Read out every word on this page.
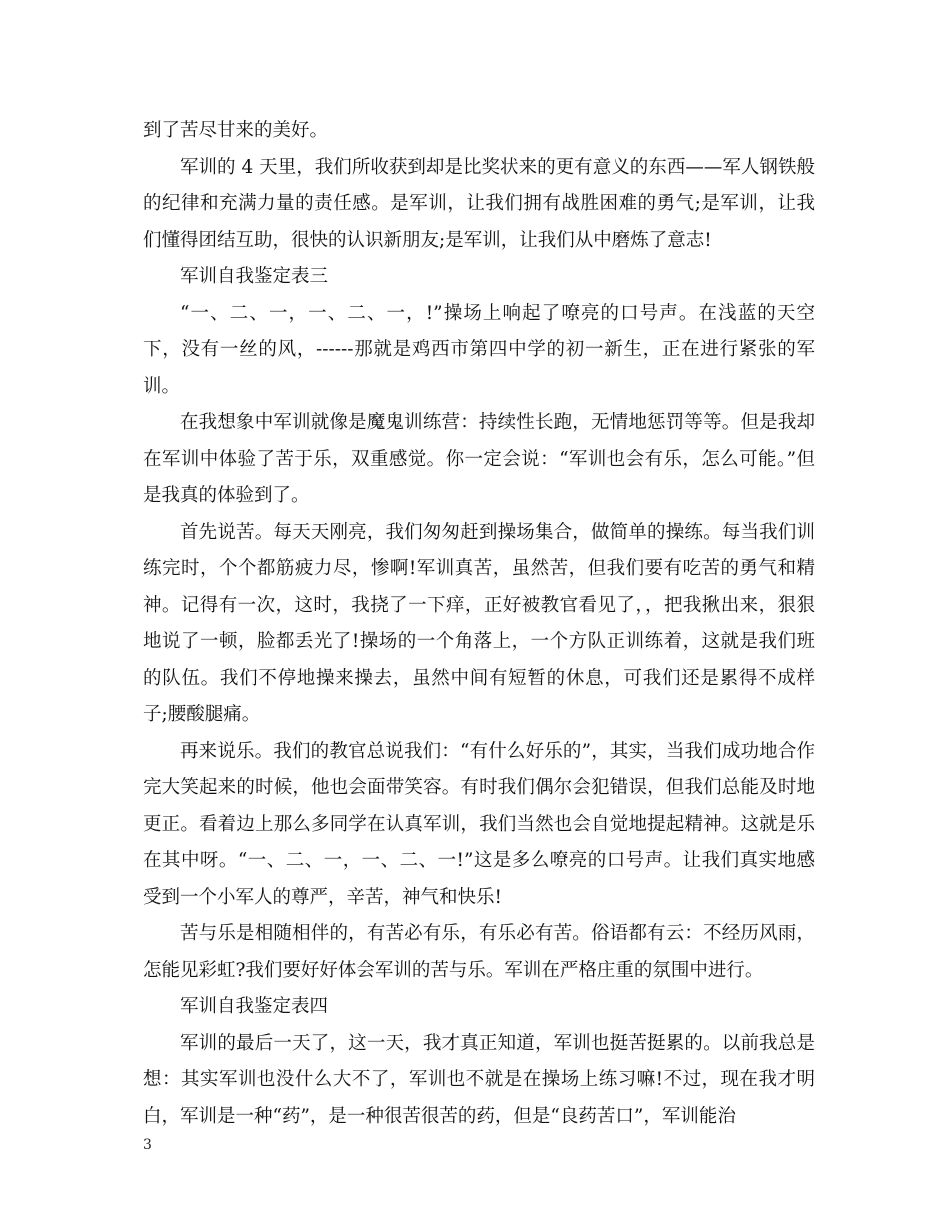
到了苦尽甘来的美好。

军训的 4 天里，我们所收获到却是比奖状来的更有意义的东西——军人钢铁般的纪律和充满力量的责任感。是军训，让我们拥有战胜困难的勇气;是军训，让我们懂得团结互助，很快的认识新朋友;是军训，让我们从中磨炼了意志!

军训自我鉴定表三

“一、二、一，一、二、一，!”操场上响起了嘹亮的口号声。在浅蓝的天空下，没有一丝的风，------那就是鸡西市第四中学的初一新生，正在进行紧张的军训。

在我想象中军训就像是魔鬼训练营：持续性长跑，无情地惩罚等等。但是我却在军训中体验了苦于乐，双重感觉。你一定会说：“军训也会有乐，怎么可能。”但是我真的体验到了。

首先说苦。每天天刚亮，我们匆匆赶到操场集合，做简单的操练。每当我们训练完时，个个都筋疲力尽，惨啊!军训真苦，虽然苦，但我们要有吃苦的勇气和精神。记得有一次，这时，我挠了一下痒，正好被教官看见了，，把我揪出来，狠狠地说了一顿，脸都丢光了!操场的一个角落上，一个方队正训练着，这就是我们班的队伍。我们不停地操来操去，虽然中间有短暂的休息，可我们还是累得不成样子;腰酸腿痛。

再来说乐。我们的教官总说我们：“有什么好乐的”，其实，当我们成功地合作完大笑起来的时候，他也会面带笑容。有时我们偶尔会犯错误，但我们总能及时地更正。看着边上那么多同学在认真军训，我们当然也会自觉地提起精神。这就是乐在其中呀。“一、二、一，一、二、一!”这是多么嘹亮的口号声。让我们真实地感受到一个小军人的尊严，辛苦，神气和快乐!

苦与乐是相随相伴的，有苦必有乐，有乐必有苦。俗语都有云：不经历风雨，怎能见彩虹?我们要好好体会军训的苦与乐。军训在严格庄重的氛围中进行。

军训自我鉴定表四

军训的最后一天了，这一天，我才真正知道，军训也挺苦挺累的。以前我总是想：其实军训也没什么大不了，军训也不就是在操场上练习嘛!不过，现在我才明白，军训是一种“药”，是一种很苦很苦的药，但是“良药苦口”，军训能治

3
